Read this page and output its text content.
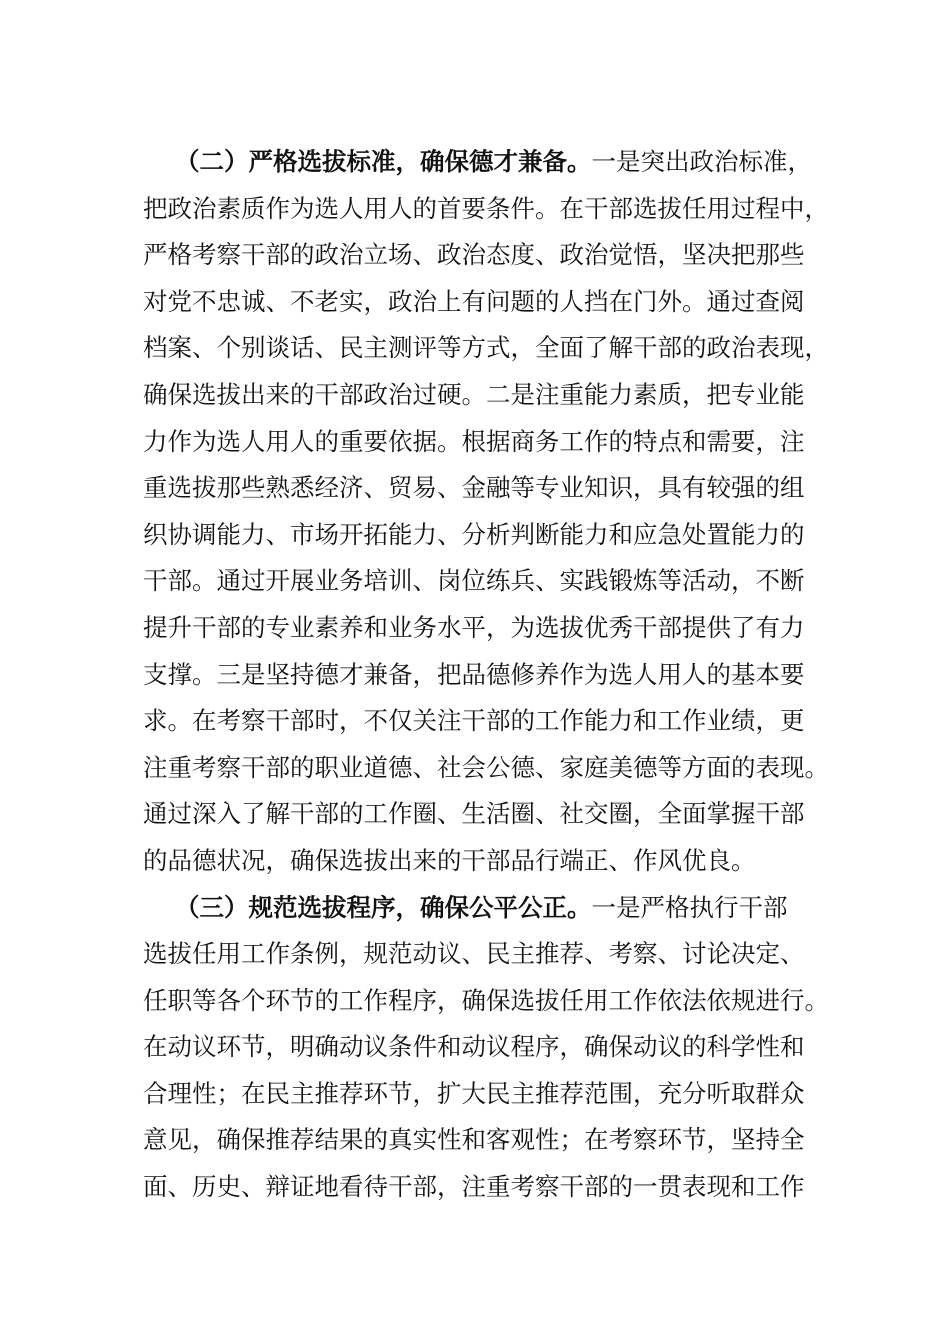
（二）严格选拔标准，确保德才兼备。一是突出政治标准，
把政治素质作为选人用人的首要条件。在干部选拔任用过程中，
严格考察干部的政治立场、政治态度、政治觉悟，坚决把那些
对党不忠诚、不老实，政治上有问题的人挡在门外。通过查阅
档案、个别谈话、民主测评等方式，全面了解干部的政治表现，
确保选拔出来的干部政治过硬。二是注重能力素质，把专业能
力作为选人用人的重要依据。根据商务工作的特点和需要，注
重选拔那些熟悉经济、贸易、金融等专业知识，具有较强的组
织协调能力、市场开拓能力、分析判断能力和应急处置能力的
干部。通过开展业务培训、岗位练兵、实践锻炼等活动，不断
提升干部的专业素养和业务水平，为选拔优秀干部提供了有力
支撑。三是坚持德才兼备，把品德修养作为选人用人的基本要
求。在考察干部时，不仅关注干部的工作能力和工作业绩，更
注重考察干部的职业道德、社会公德、家庭美德等方面的表现。
通过深入了解干部的工作圈、生活圈、社交圈，全面掌握干部
的品德状况，确保选拔出来的干部品行端正、作风优良。
（三）规范选拔程序，确保公平公正。一是严格执行干部
选拔任用工作条例，规范动议、民主推荐、考察、讨论决定、
任职等各个环节的工作程序，确保选拔任用工作依法依规进行。
在动议环节，明确动议条件和动议程序，确保动议的科学性和
合理性；在民主推荐环节，扩大民主推荐范围，充分听取群众
意见，确保推荐结果的真实性和客观性；在考察环节，坚持全
面、历史、辩证地看待干部，注重考察干部的一贯表现和工作
